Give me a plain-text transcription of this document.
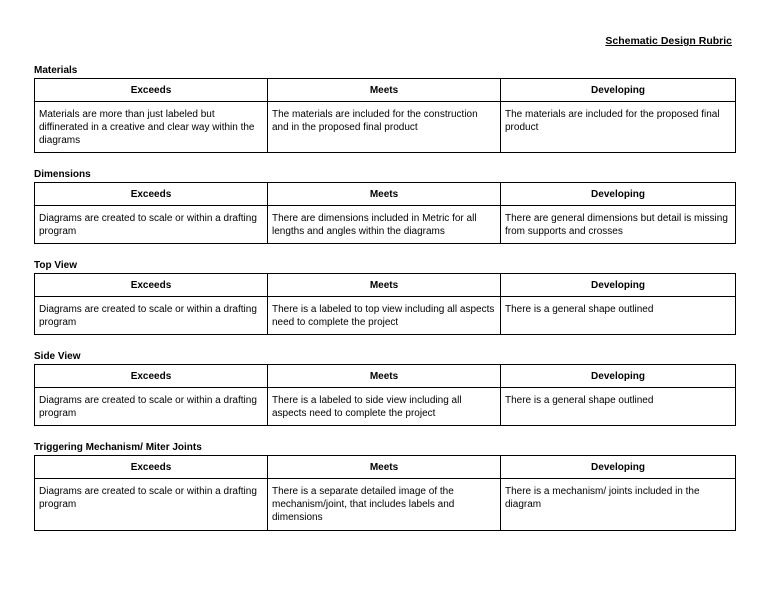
Schematic Design Rubric
Materials
Exceeds	Meets	Developing
Materials are more than just labeled but diffinerated in a creative and clear way within the diagrams	The materials are included for the construction and in the proposed final product	The materials are included for the proposed final product
Dimensions
Exceeds	Meets	Developing
Diagrams are created to scale or within a drafting program	There are dimensions included in Metric for all lengths and angles within the diagrams	There are general dimensions but detail is missing from supports and crosses
Top View
Exceeds	Meets	Developing
Diagrams are created to scale or within a drafting program	There is a labeled to top view including all aspects need to complete the project	There is a general shape outlined
Side View
Exceeds	Meets	Developing
Diagrams are created to scale or within a drafting program	There is a labeled to side view including all aspects need to complete the project	There is a general shape outlined
Triggering Mechanism/ Miter Joints
Exceeds	Meets	Developing
Diagrams are created to scale or within a drafting program	There is a separate detailed image of the mechanism/joint, that includes labels and dimensions	There is a mechanism/ joints included in the diagram
